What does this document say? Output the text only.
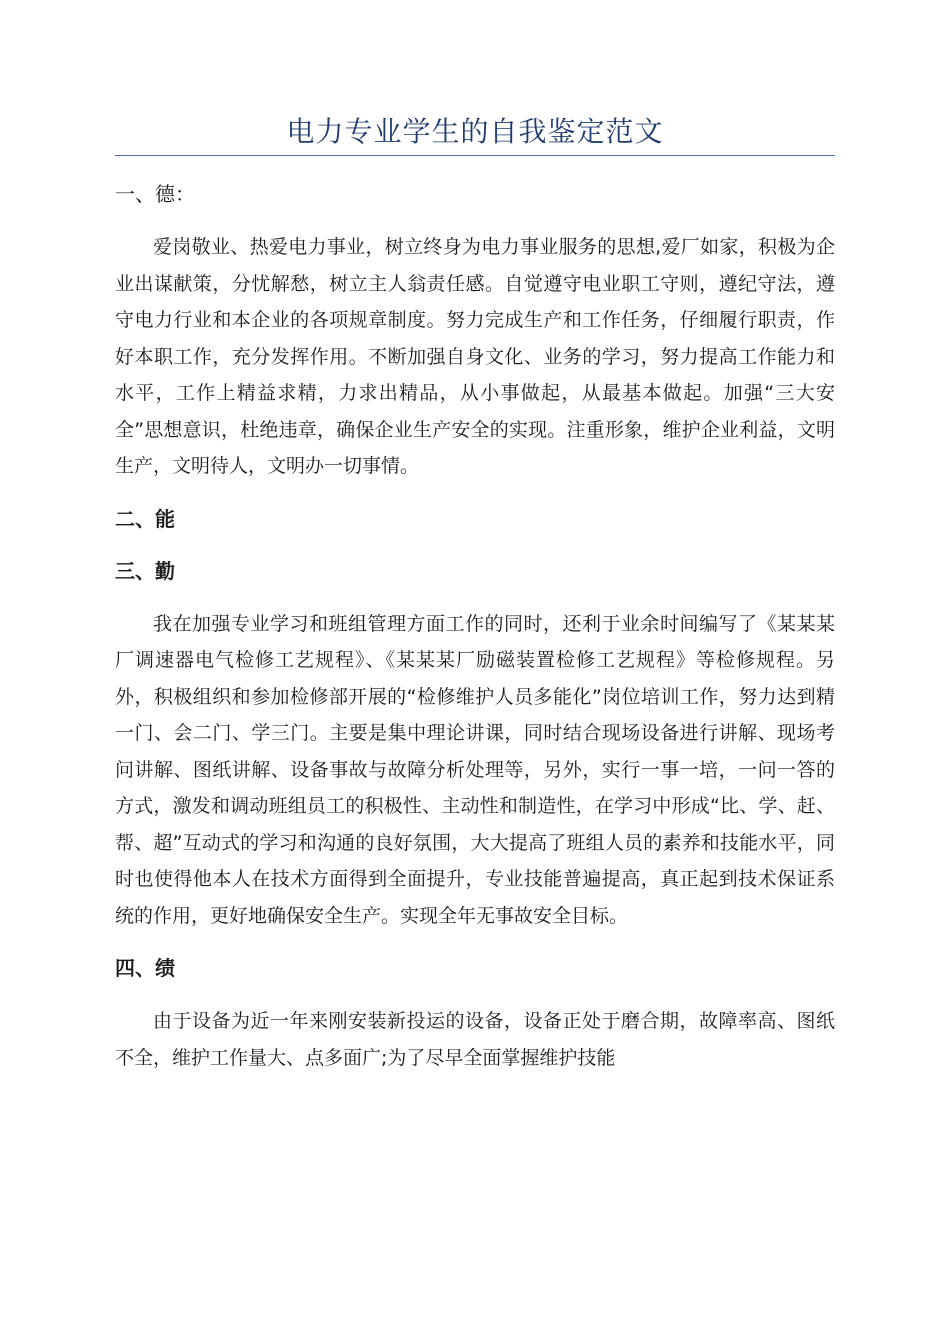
电力专业学生的自我鉴定范文

一、德：

爱岗敬业、热爱电力事业，树立终身为电力事业服务的思想,爱厂如家，积极为企业出谋献策，分忧解愁，树立主人翁责任感。自觉遵守电业职工守则，遵纪守法，遵守电力行业和本企业的各项规章制度。努力完成生产和工作任务，仔细履行职责，作好本职工作，充分发挥作用。不断加强自身文化、业务的学习，努力提高工作能力和水平，工作上精益求精，力求出精品，从小事做起，从最基本做起。加强“三大安全”思想意识，杜绝违章，确保企业生产安全的实现。注重形象，维护企业利益，文明生产，文明待人，文明办一切事情。

二、能

三、勤

我在加强专业学习和班组管理方面工作的同时，还利于业余时间编写了《某某某厂调速器电气检修工艺规程》、《某某某厂励磁装置检修工艺规程》等检修规程。另外，积极组织和参加检修部开展的“检修维护人员多能化”岗位培训工作，努力达到精一门、会二门、学三门。主要是集中理论讲课，同时结合现场设备进行讲解、现场考问讲解、图纸讲解、设备事故与故障分析处理等，另外，实行一事一培，一问一答的方式，激发和调动班组员工的积极性、主动性和制造性，在学习中形成“比、学、赶、帮、超”互动式的学习和沟通的良好氛围，大大提高了班组人员的素养和技能水平，同时也使得他本人在技术方面得到全面提升，专业技能普遍提高，真正起到技术保证系统的作用，更好地确保安全生产。实现全年无事故安全目标。

四、绩

由于设备为近一年来刚安装新投运的设备，设备正处于磨合期，故障率高、图纸不全，维护工作量大、点多面广;为了尽早全面掌握维护技能
